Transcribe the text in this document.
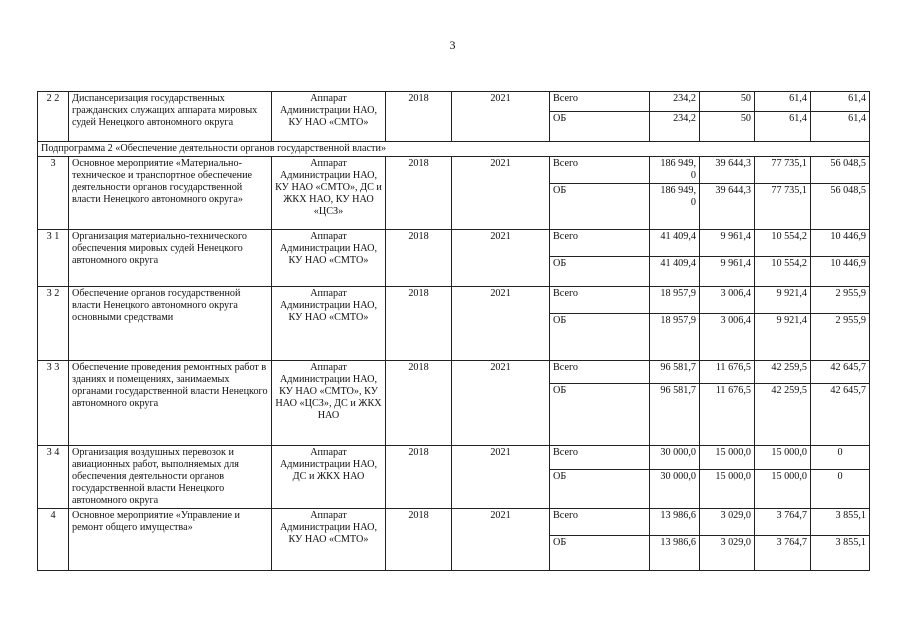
3
2 2	Диспансеризация государственных гражданских служащих аппарата мировых судей Ненецкого автономного округа	Аппарат Администрации НАО, КУ НАО «СМТО»	2018	2021	Всего	234,2	50	61,4	61,4	
					ОБ	234,2	50	61,4	61,4	
Подпрограмма 2 «Обеспечение деятельности органов государственной власти»										
3	Основное мероприятие «Материально-техническое и транспортное обеспечение деятельности органов государственной власти Ненецкого автономного округа»	Аппарат Администрации НАО, КУ НАО «СМТО», ДС и ЖКХ НАО, КУ НАО «ЦСЗ»	2018	2021	Всего	186 949, 0	39 644,3	77 735,1	56 048,5	
					ОБ	186 949, 0	39 644,3	77 735,1	56 048,5	
3 1	Организация материально-технического обеспечения мировых судей Ненецкого автономного округа	Аппарат Администрации НАО, КУ НАО «СМТО»	2018	2021	Всего	41 409,4	9 961,4	10 554,2	10 446,9	
					ОБ	41 409,4	9 961,4	10 554,2	10 446,9	
3 2	Обеспечение органов государственной власти Ненецкого автономного округа основными средствами	Аппарат Администрации НАО, КУ НАО «СМТО»	2018	2021	Всего	18 957,9	3 006,4	9 921,4	2 955,9	
					ОБ	18 957,9	3 006,4	9 921,4	2 955,9	
3 3	Обеспечение проведения ремонтных работ в зданиях и помещениях, занимаемых органами государственной власти Ненецкого автономного округа	Аппарат Администрации НАО, КУ НАО «СМТО», КУ НАО «ЦСЗ», ДС и ЖКХ НАО	2018	2021	Всего	96 581,7	11 676,5	42 259,5	42 645,7	
					ОБ	96 581,7	11 676,5	42 259,5	42 645,7	
3 4	Организация воздушных перевозок и авиационных работ, выполняемых для обеспечения деятельности органов государственной власти Ненецкого автономного округа	Аппарат Администрации НАО, ДС и ЖКХ НАО	2018	2021	Всего	30 000,0	15 000,0	15 000,0	0	
					ОБ	30 000,0	15 000,0	15 000,0	0	
4	Основное мероприятие «Управление и ремонт общего имущества»	Аппарат Администрации НАО, КУ НАО «СМТО»	2018	2021	Всего	13 986,6	3 029,0	3 764,7	3 855,1	
					ОБ	13 986,6	3 029,0	3 764,7	3 855,1	
